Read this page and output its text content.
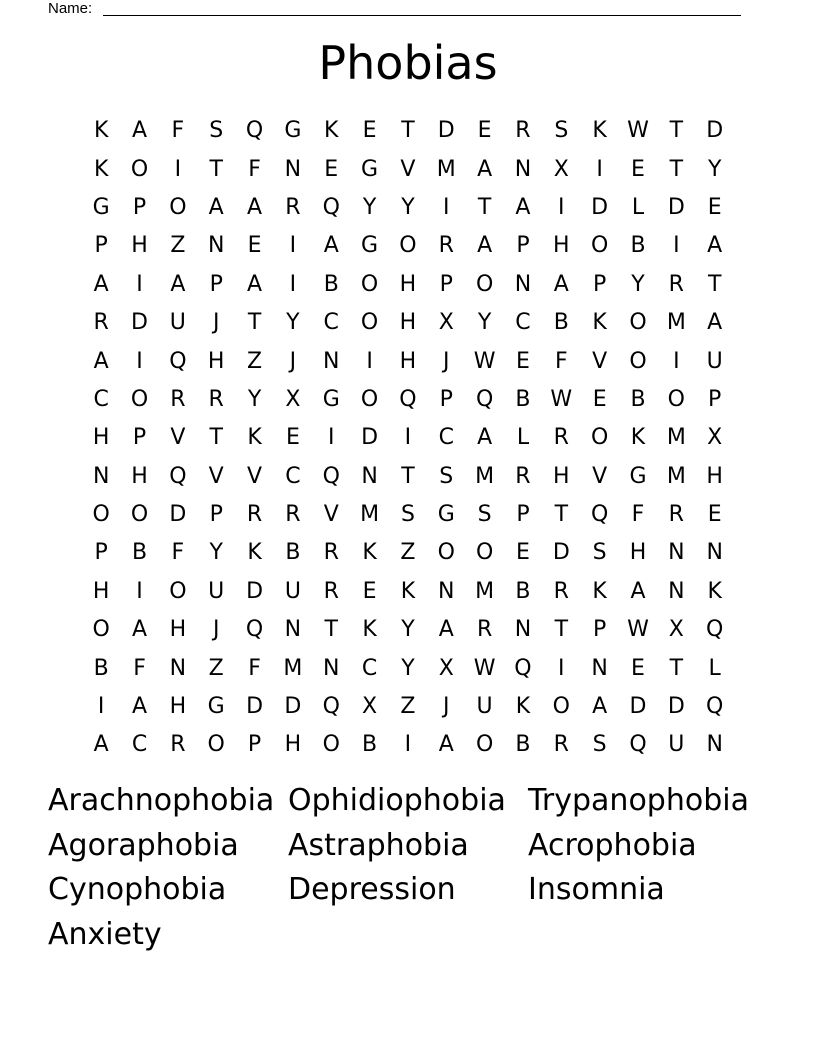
Name:
Phobias
K	A	F	S	Q G	K	E	T	D	E	R	S	K W T	D
K	O	I	T	F	N	E	G	V M A	N	X	I	E	T	Y
G	P	O	A	A	R	Q	Y	Y	I	T	A	I	D	L	D	E
P	H	Z	N	E	I	A	G O	R	A	P	H O	B	I	A
A	I	A	P	A	I	B	O H	P	O N	A	P	Y	R	T
R	D U	J	T	Y	C O H	X	Y	C	B	K	O M A
A	I	Q H	Z	J	N	I	H	J	W E	F	V	O	I	U
C O	R	R	Y	X	G O Q	P	Q	B W E	B	O	P
H	P	V	T	K	E	I	D	I	C	A	L	R	O	K M X
N H Q	V	V	C Q N	T	S M R	H	V	G M H
O O D	P	R	R	V M S	G	S	P	T	Q	F	R	E
P	B	F	Y	K	B	R	K	Z	O O	E	D	S	H N N
H	I	O U D U	R	E	K	N M B	R	K	A	N	K
O	A	H	J	Q N	T	K	Y	A	R	N	T	P W X	Q
B	F	N	Z	F	M N	C	Y	X W Q	I	N	E	T	L
I	A	H G D D Q	X	Z	J	U	K	O	A	D D Q
A	C	R	O	P	H O	B	I	A	O	B	R	S	Q U	N
Arachnophobia Ophidiophobia Trypanophobia
Agoraphobia	Astraphobia	Acrophobia
Cynophobia	Depression	Insomnia
Anxiety
